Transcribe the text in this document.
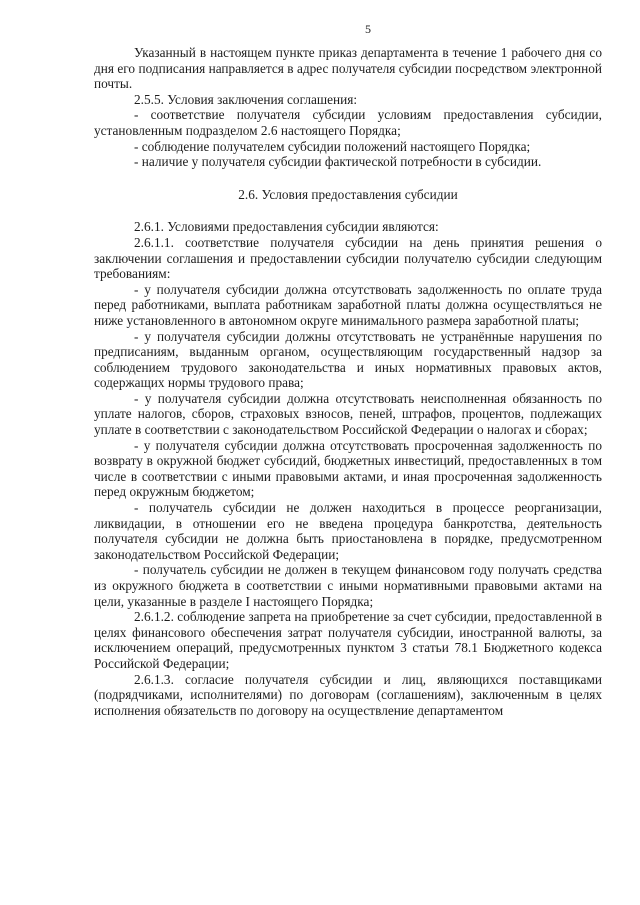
5

Указанный в настоящем пункте приказ департамента в течение 1 рабочего дня со дня его подписания направляется в адрес получателя субсидии посредством электронной почты.

2.5.5. Условия заключения соглашения:

- соответствие получателя субсидии условиям предоставления субсидии, установленным подразделом 2.6 настоящего Порядка;

- соблюдение получателем субсидии положений настоящего Порядка;

- наличие у получателя субсидии фактической потребности в субсидии.

2.6. Условия предоставления субсидии

2.6.1. Условиями предоставления субсидии являются:

2.6.1.1. соответствие получателя субсидии на день принятия решения о заключении соглашения и предоставлении субсидии получателю субсидии следующим требованиям:

- у получателя субсидии должна отсутствовать задолженность по оплате труда перед работниками, выплата работникам заработной платы должна осуществляться не ниже установленного в автономном округе минимального размера заработной платы;

- у получателя субсидии должны отсутствовать не устранённые нарушения по предписаниям, выданным органом, осуществляющим государственный надзор за соблюдением трудового законодательства и иных нормативных правовых актов, содержащих нормы трудового права;

- у получателя субсидии должна отсутствовать неисполненная обязанность по уплате налогов, сборов, страховых взносов, пеней, штрафов, процентов, подлежащих уплате в соответствии с законодательством Российской Федерации о налогах и сборах;

- у получателя субсидии должна отсутствовать просроченная задолженность по возврату в окружной бюджет субсидий, бюджетных инвестиций, предоставленных в том числе в соответствии с иными правовыми актами, и иная просроченная задолженность перед окружным бюджетом;

- получатель субсидии не должен находиться в процессе реорганизации, ликвидации, в отношении его не введена процедура банкротства, деятельность получателя субсидии не должна быть приостановлена в порядке, предусмотренном законодательством Российской Федерации;

- получатель субсидии не должен в текущем финансовом году получать средства из окружного бюджета в соответствии с иными нормативными правовыми актами на цели, указанные в разделе I настоящего Порядка;

2.6.1.2. соблюдение запрета на приобретение за счет субсидии, предоставленной в целях финансового обеспечения затрат получателя субсидии, иностранной валюты, за исключением операций, предусмотренных пунктом 3 статьи 78.1 Бюджетного кодекса Российской Федерации;

2.6.1.3. согласие получателя субсидии и лиц, являющихся поставщиками (подрядчиками, исполнителями) по договорам (соглашениям), заключенным в целях исполнения обязательств по договору на осуществление департаментом
